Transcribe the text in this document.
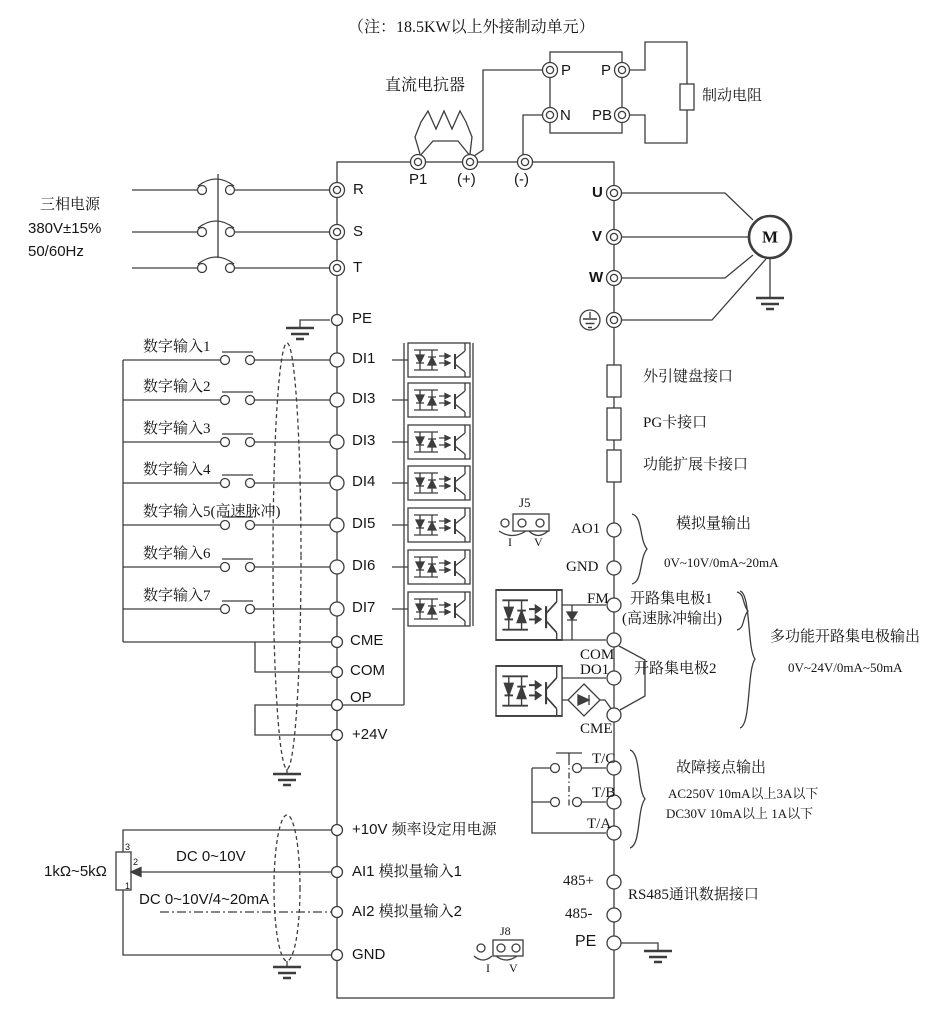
（注：18.5KW以上外接制动单元）
直流电抗器
P P
N PB
制动电阻
P1 (+)	(-)
三相电源
380V±15%
50/60Hz
R
S
T
PE
数字输入1
数字输入2
数字输入3
数字输入4
数字输入5(高速脉冲)
数字输入6
数字输入7
DI1
DI3
DI3
DI4
DI5
DI6
DI7
CME
COM
OP
+24V
+10V 频率设定用电源
AI1 模拟量输入1
AI2 模拟量输入2
GND
1kΩ~5kΩ
3
2
1
DC 0~10V
DC 0~10V/4~20mA
U
V
W
M
外引键盘接口
PG卡接口
功能扩展卡接口
J5
I V
AO1
GND
模拟量输出
0V~10V/0mA~20mA
FM
COM
DO1
CME
开路集电极1
(高速脉冲输出)
开路集电极2
多功能开路集电极输出
0V~24V/0mA~50mA
T/C
T/B
T/A
故障接点输出
AC250V 10mA以上3A以下
DC30V 10mA以上 1A以下
485+
485-
PE
RS485通讯数据接口
J8
I V
